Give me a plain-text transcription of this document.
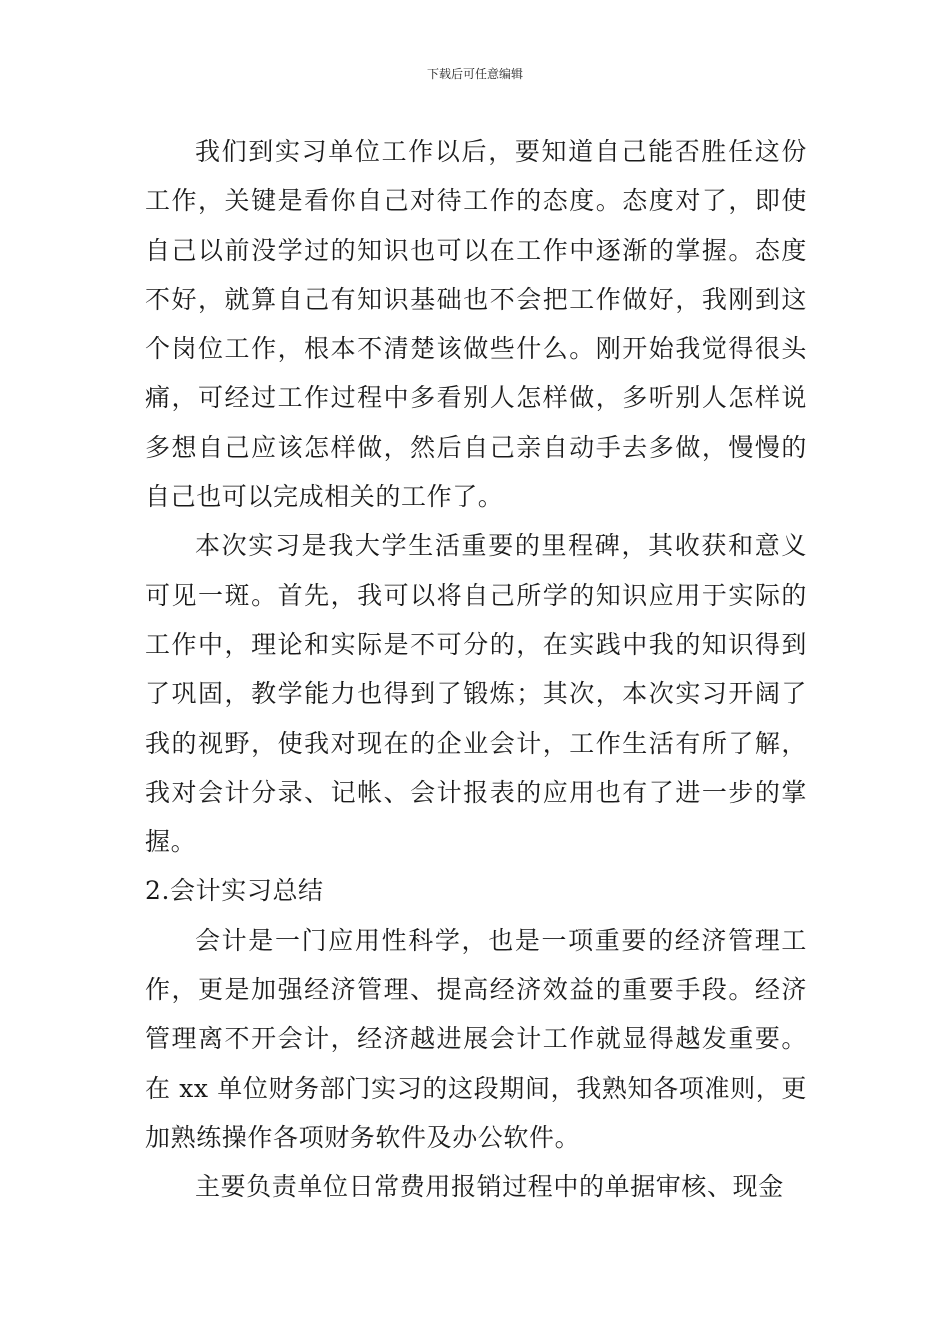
下载后可任意编辑

我们到实习单位工作以后，要知道自己能否胜任这份工作，关键是看你自己对待工作的态度。态度对了，即使自己以前没学过的知识也可以在工作中逐渐的掌握。态度不好，就算自己有知识基础也不会把工作做好，我刚到这个岗位工作，根本不清楚该做些什么。刚开始我觉得很头痛，可经过工作过程中多看别人怎样做，多听别人怎样说多想自己应该怎样做，然后自己亲自动手去多做，慢慢的自己也可以完成相关的工作了。

本次实习是我大学生活重要的里程碑，其收获和意义可见一斑。首先，我可以将自己所学的知识应用于实际的工作中，理论和实际是不可分的，在实践中我的知识得到了巩固，教学能力也得到了锻炼；其次，本次实习开阔了我的视野，使我对现在的企业会计，工作生活有所了解，我对会计分录、记帐、会计报表的应用也有了进一步的掌握。

2.会计实习总结

会计是一门应用性科学，也是一项重要的经济管理工作，更是加强经济管理、提高经济效益的重要手段。经济管理离不开会计，经济越进展会计工作就显得越发重要。在 xx 单位财务部门实习的这段期间，我熟知各项准则，更加熟练操作各项财务软件及办公软件。

主要负责单位日常费用报销过程中的单据审核、现金
